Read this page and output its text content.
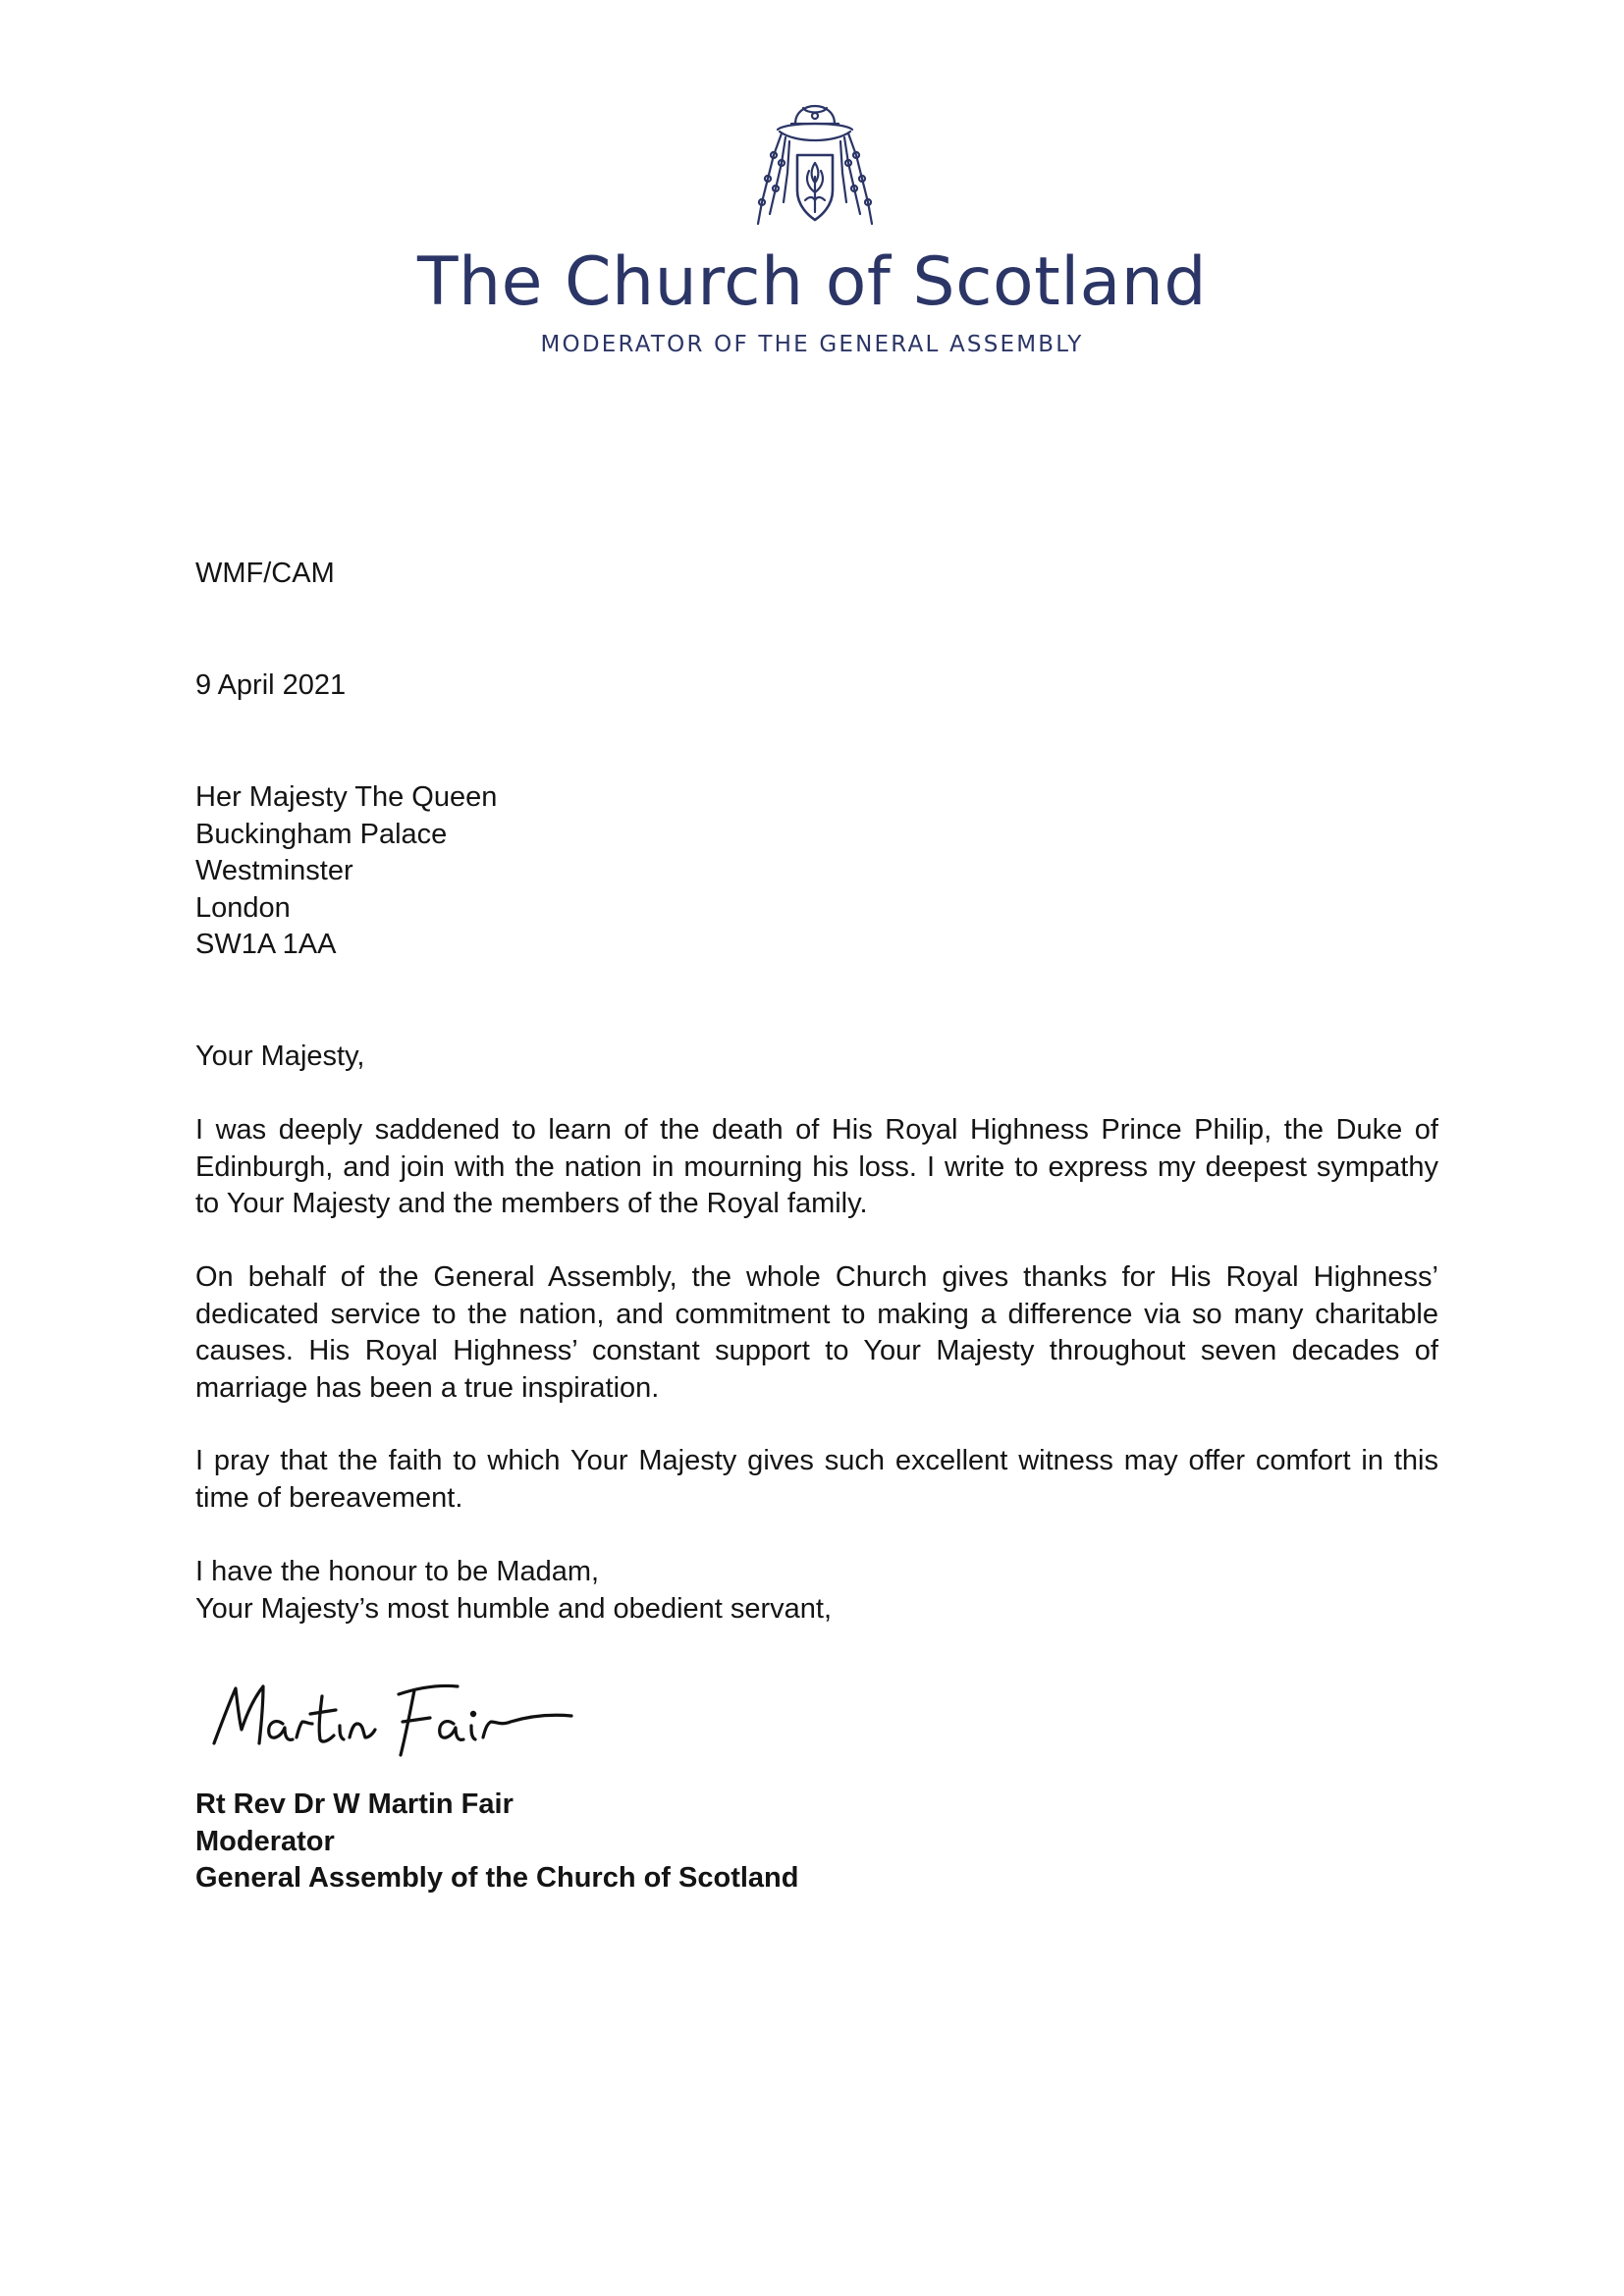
The Church of Scotland
MODERATOR OF THE GENERAL ASSEMBLY

WMF/CAM

9 April 2021

Her Majesty The Queen
Buckingham Palace
Westminster
London
SW1A 1AA

Your Majesty,

I was deeply saddened to learn of the death of His Royal Highness Prince Philip, the Duke of Edinburgh, and join with the nation in mourning his loss. I write to express my deepest sympathy to Your Majesty and the members of the Royal family.

On behalf of the General Assembly, the whole Church gives thanks for His Royal Highness’ dedicated service to the nation, and commitment to making a difference via so many charitable causes. His Royal Highness’ constant support to Your Majesty throughout seven decades of marriage has been a true inspiration.

I pray that the faith to which Your Majesty gives such excellent witness may offer comfort in this time of bereavement.

I have the honour to be Madam,
Your Majesty’s most humble and obedient servant,
Rt Rev Dr W Martin Fair
Moderator
General Assembly of the Church of Scotland
